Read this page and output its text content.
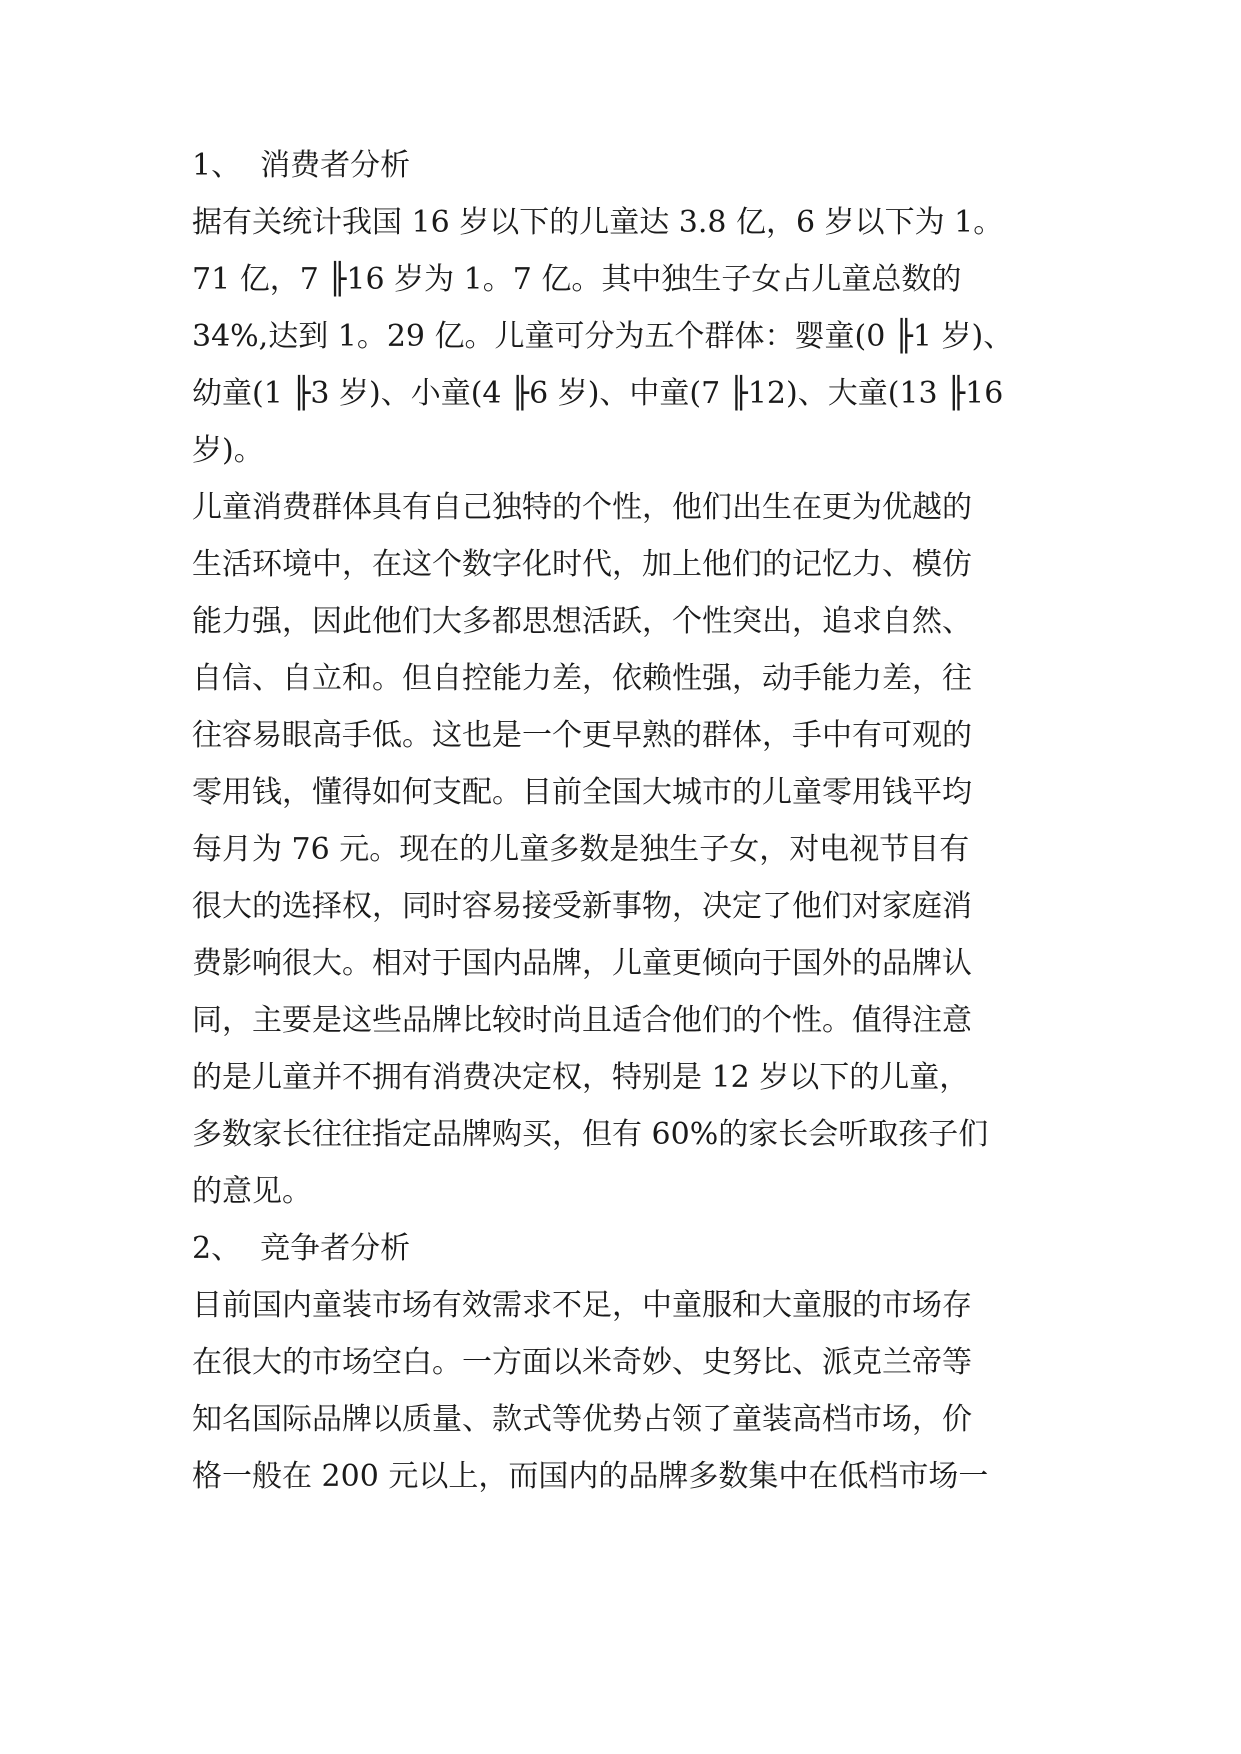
1、  消费者分析
据有关统计我国 16 岁以下的儿童达 3.8 亿，6 岁以下为 1。
71 亿，7 ╟16 岁为 1。7 亿。其中独生子女占儿童总数的
34%,达到 1。29 亿。儿童可分为五个群体：婴童(0 ╟1 岁)、
幼童(1 ╟3 岁)、小童(4 ╟6 岁)、中童(7 ╟12)、大童(13 ╟16
岁)。
儿童消费群体具有自己独特的个性，他们出生在更为优越的
生活环境中，在这个数字化时代，加上他们的记忆力、模仿
能力强，因此他们大多都思想活跃，个性突出，追求自然、
自信、自立和。但自控能力差，依赖性强，动手能力差，往
往容易眼高手低。这也是一个更早熟的群体，手中有可观的
零用钱，懂得如何支配。目前全国大城市的儿童零用钱平均
每月为 76 元。现在的儿童多数是独生子女，对电视节目有
很大的选择权，同时容易接受新事物，决定了他们对家庭消
费影响很大。相对于国内品牌，儿童更倾向于国外的品牌认
同，主要是这些品牌比较时尚且适合他们的个性。值得注意
的是儿童并不拥有消费决定权，特别是 12 岁以下的儿童，
多数家长往往指定品牌购买，但有 60%的家长会听取孩子们
的意见。
2、  竞争者分析
目前国内童装市场有效需求不足，中童服和大童服的市场存
在很大的市场空白。一方面以米奇妙、史努比、派克兰帝等
知名国际品牌以质量、款式等优势占领了童装高档市场，价
格一般在 200 元以上，而国内的品牌多数集中在低档市场一
